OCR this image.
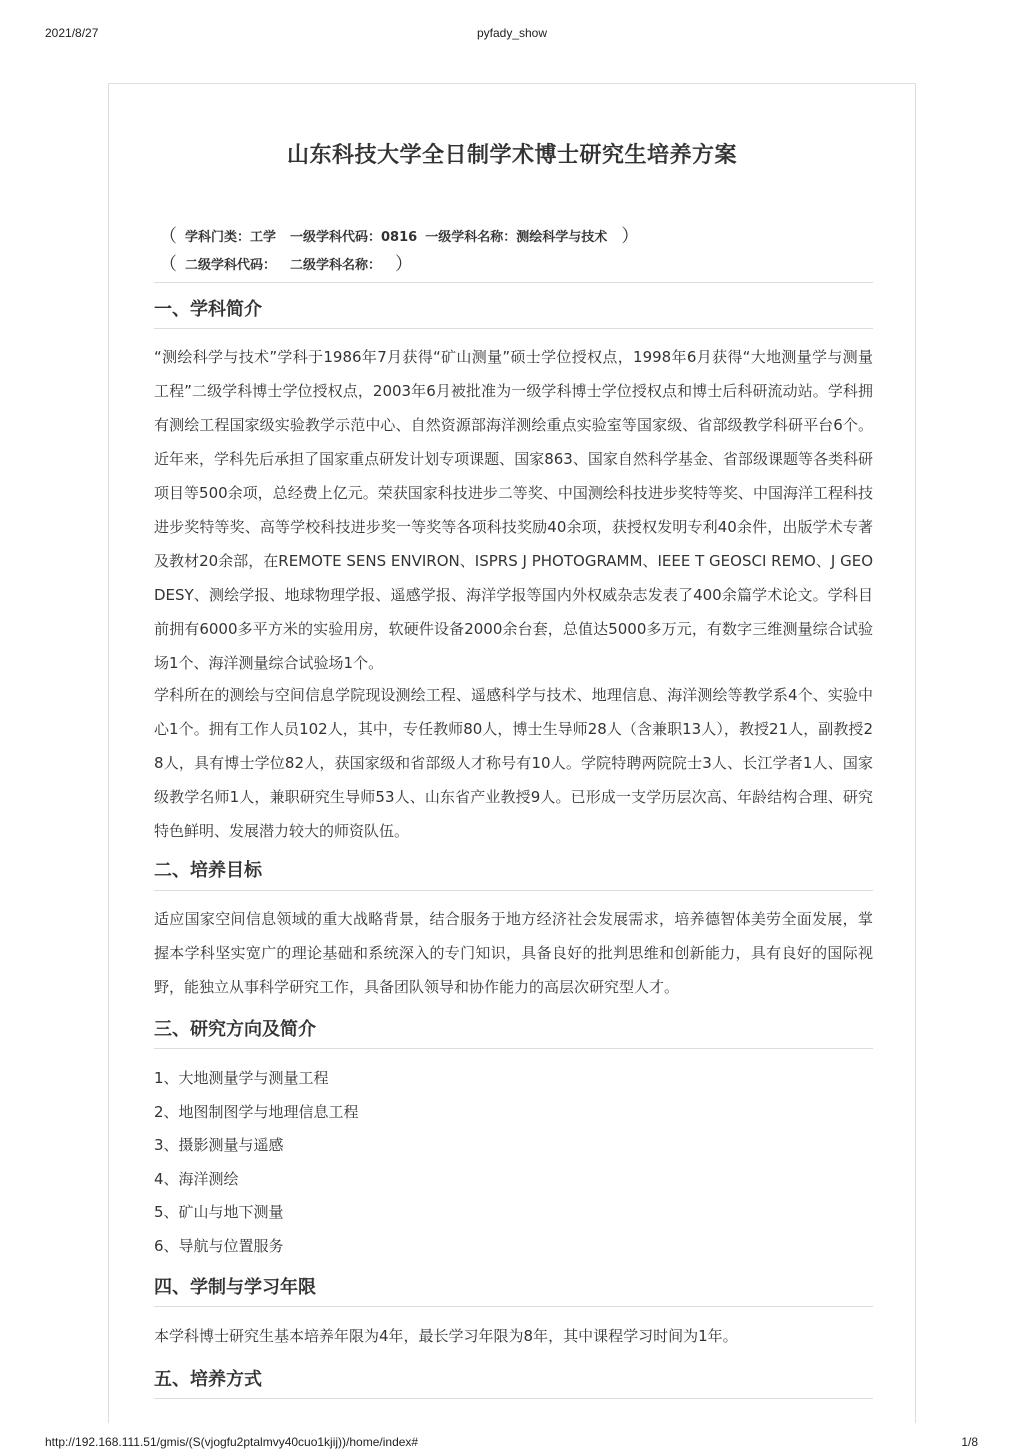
2021/8/27	pyfady_show
山东科技大学全日制学术博士研究生培养方案
（ 学科门类：工学 一级学科代码：0816 一级学科名称：测绘科学与技术 ）
（ 二级学科代码： 二级学科名称： ）
一、学科简介

“测绘科学与技术”学科于1986年7月获得“矿山测量”硕士学位授权点，1998年6月获得“大地测量学与测量工程”二级学科博士学位授权点，2003年6月被批准为一级学科博士学位授权点和博士后科研流动站。学科拥有测绘工程国家级实验教学示范中心、自然资源部海洋测绘重点实验室等国家级、省部级教学科研平台6个。近年来，学科先后承担了国家重点研发计划专项课题、国家863、国家自然科学基金、省部级课题等各类科研项目等500余项，总经费上亿元。荣获国家科技进步二等奖、中国测绘科技进步奖特等奖、中国海洋工程科技进步奖特等奖、高等学校科技进步奖一等奖等各项科技奖励40余项，获授权发明专利40余件，出版学术专著及教材20余部，在REMOTE SENS ENVIRON、ISPRS J PHOTOGRAMM、IEEE T GEOSCI REMO、J GEODESY、测绘学报、地球物理学报、遥感学报、海洋学报等国内外权威杂志发表了400余篇学术论文。学科目前拥有6000多平方米的实验用房，软硬件设备2000余台套，总值达5000多万元，有数字三维测量综合试验场1个、海洋测量综合试验场1个。

学科所在的测绘与空间信息学院现设测绘工程、遥感科学与技术、地理信息、海洋测绘等教学系4个、实验中心1个。拥有工作人员102人，其中，专任教师80人，博士生导师28人（含兼职13人），教授21人，副教授28人，具有博士学位82人，获国家级和省部级人才称号有10人。学院特聘两院院士3人、长江学者1人、国家级教学名师1人，兼职研究生导师53人、山东省产业教授9人。已形成一支学历层次高、年龄结构合理、研究特色鲜明、发展潜力较大的师资队伍。

二、培养目标

适应国家空间信息领域的重大战略背景，结合服务于地方经济社会发展需求，培养德智体美劳全面发展，掌握本学科坚实宽广的理论基础和系统深入的专门知识，具备良好的批判思维和创新能力，具有良好的国际视野，能独立从事科学研究工作，具备团队领导和协作能力的高层次研究型人才。

三、研究方向及简介
1、大地测量学与测量工程
2、地图制图学与地理信息工程
3、摄影测量与遥感
4、海洋测绘
5、矿山与地下测量
6、导航与位置服务
四、学制与学习年限

本学科博士研究生基本培养年限为4年，最长学习年限为8年，其中课程学习时间为1年。

五、培养方式
http://192.168.111.51/gmis/(S(vjogfu2ptalmvy40cuo1kjij))/home/index#	1/8
